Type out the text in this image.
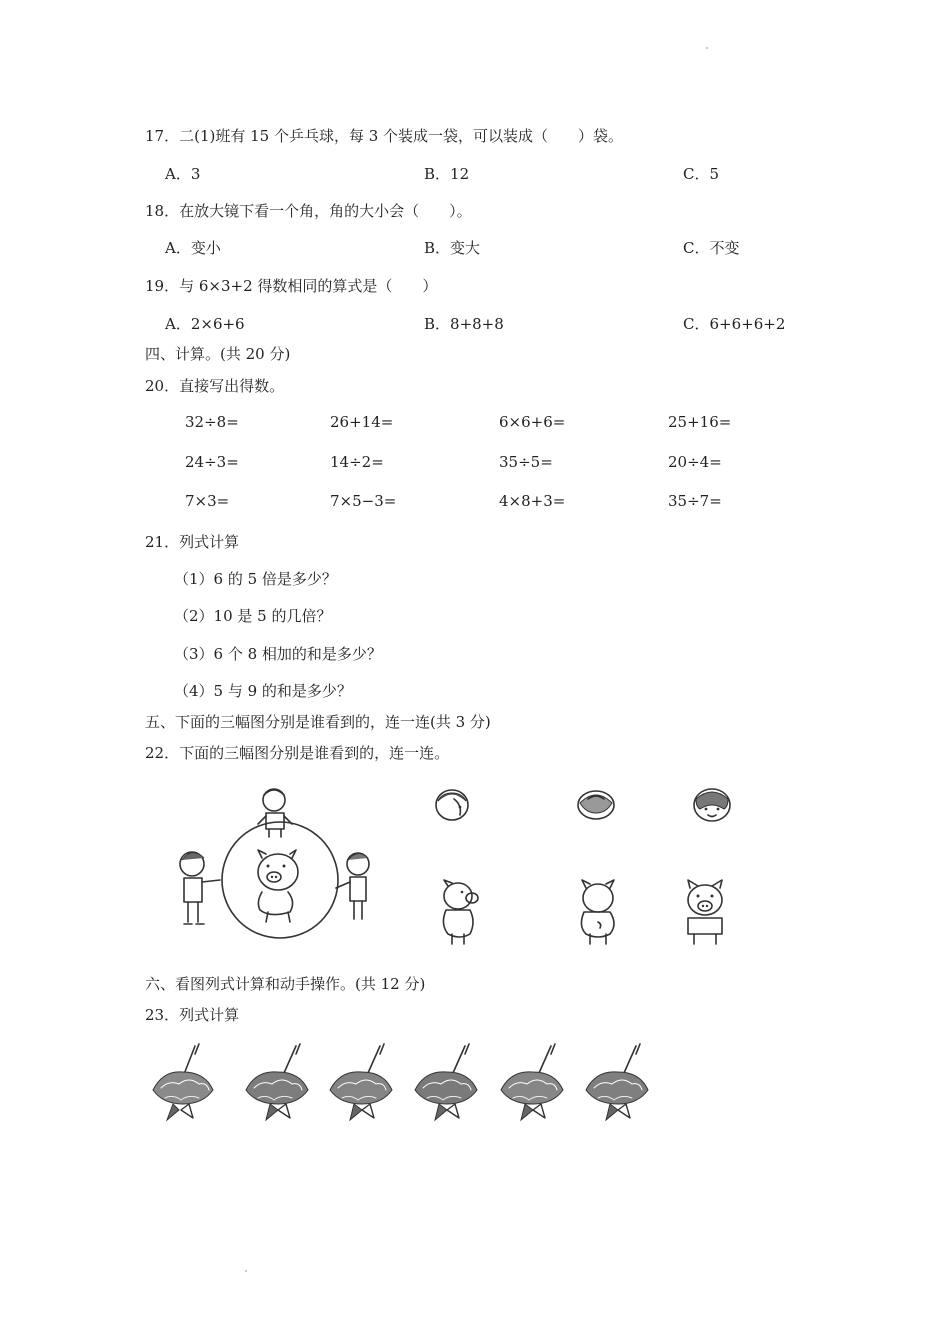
17．二(1)班有 15 个乒乓球，每 3 个装成一袋，可以装成（　　）袋。
A．3	B．12	C．5
18．在放大镜下看一个角，角的大小会（　　）。
A．变小	B．变大	C．不变
19．与 6×3+2 得数相同的算式是（　　）
A．2×6+6	B．8+8+8	C．6+6+6+2
四、计算。(共 20 分)
20．直接写出得数。
32÷8=	26+14=	6×6+6=	25+16=
24÷3=	14÷2=	35÷5=	20÷4=
7×3=	7×5−3=	4×8+3=	35÷7=
21．列式计算
（1）6 的 5 倍是多少？
（2）10 是 5 的几倍？
（3）6 个 8 相加的和是多少？
（4）5 与 9 的和是多少？
五、下面的三幅图分别是谁看到的，连一连(共 3 分)
22．下面的三幅图分别是谁看到的，连一连。
六、看图列式计算和动手操作。(共 12 分)
23．列式计算
